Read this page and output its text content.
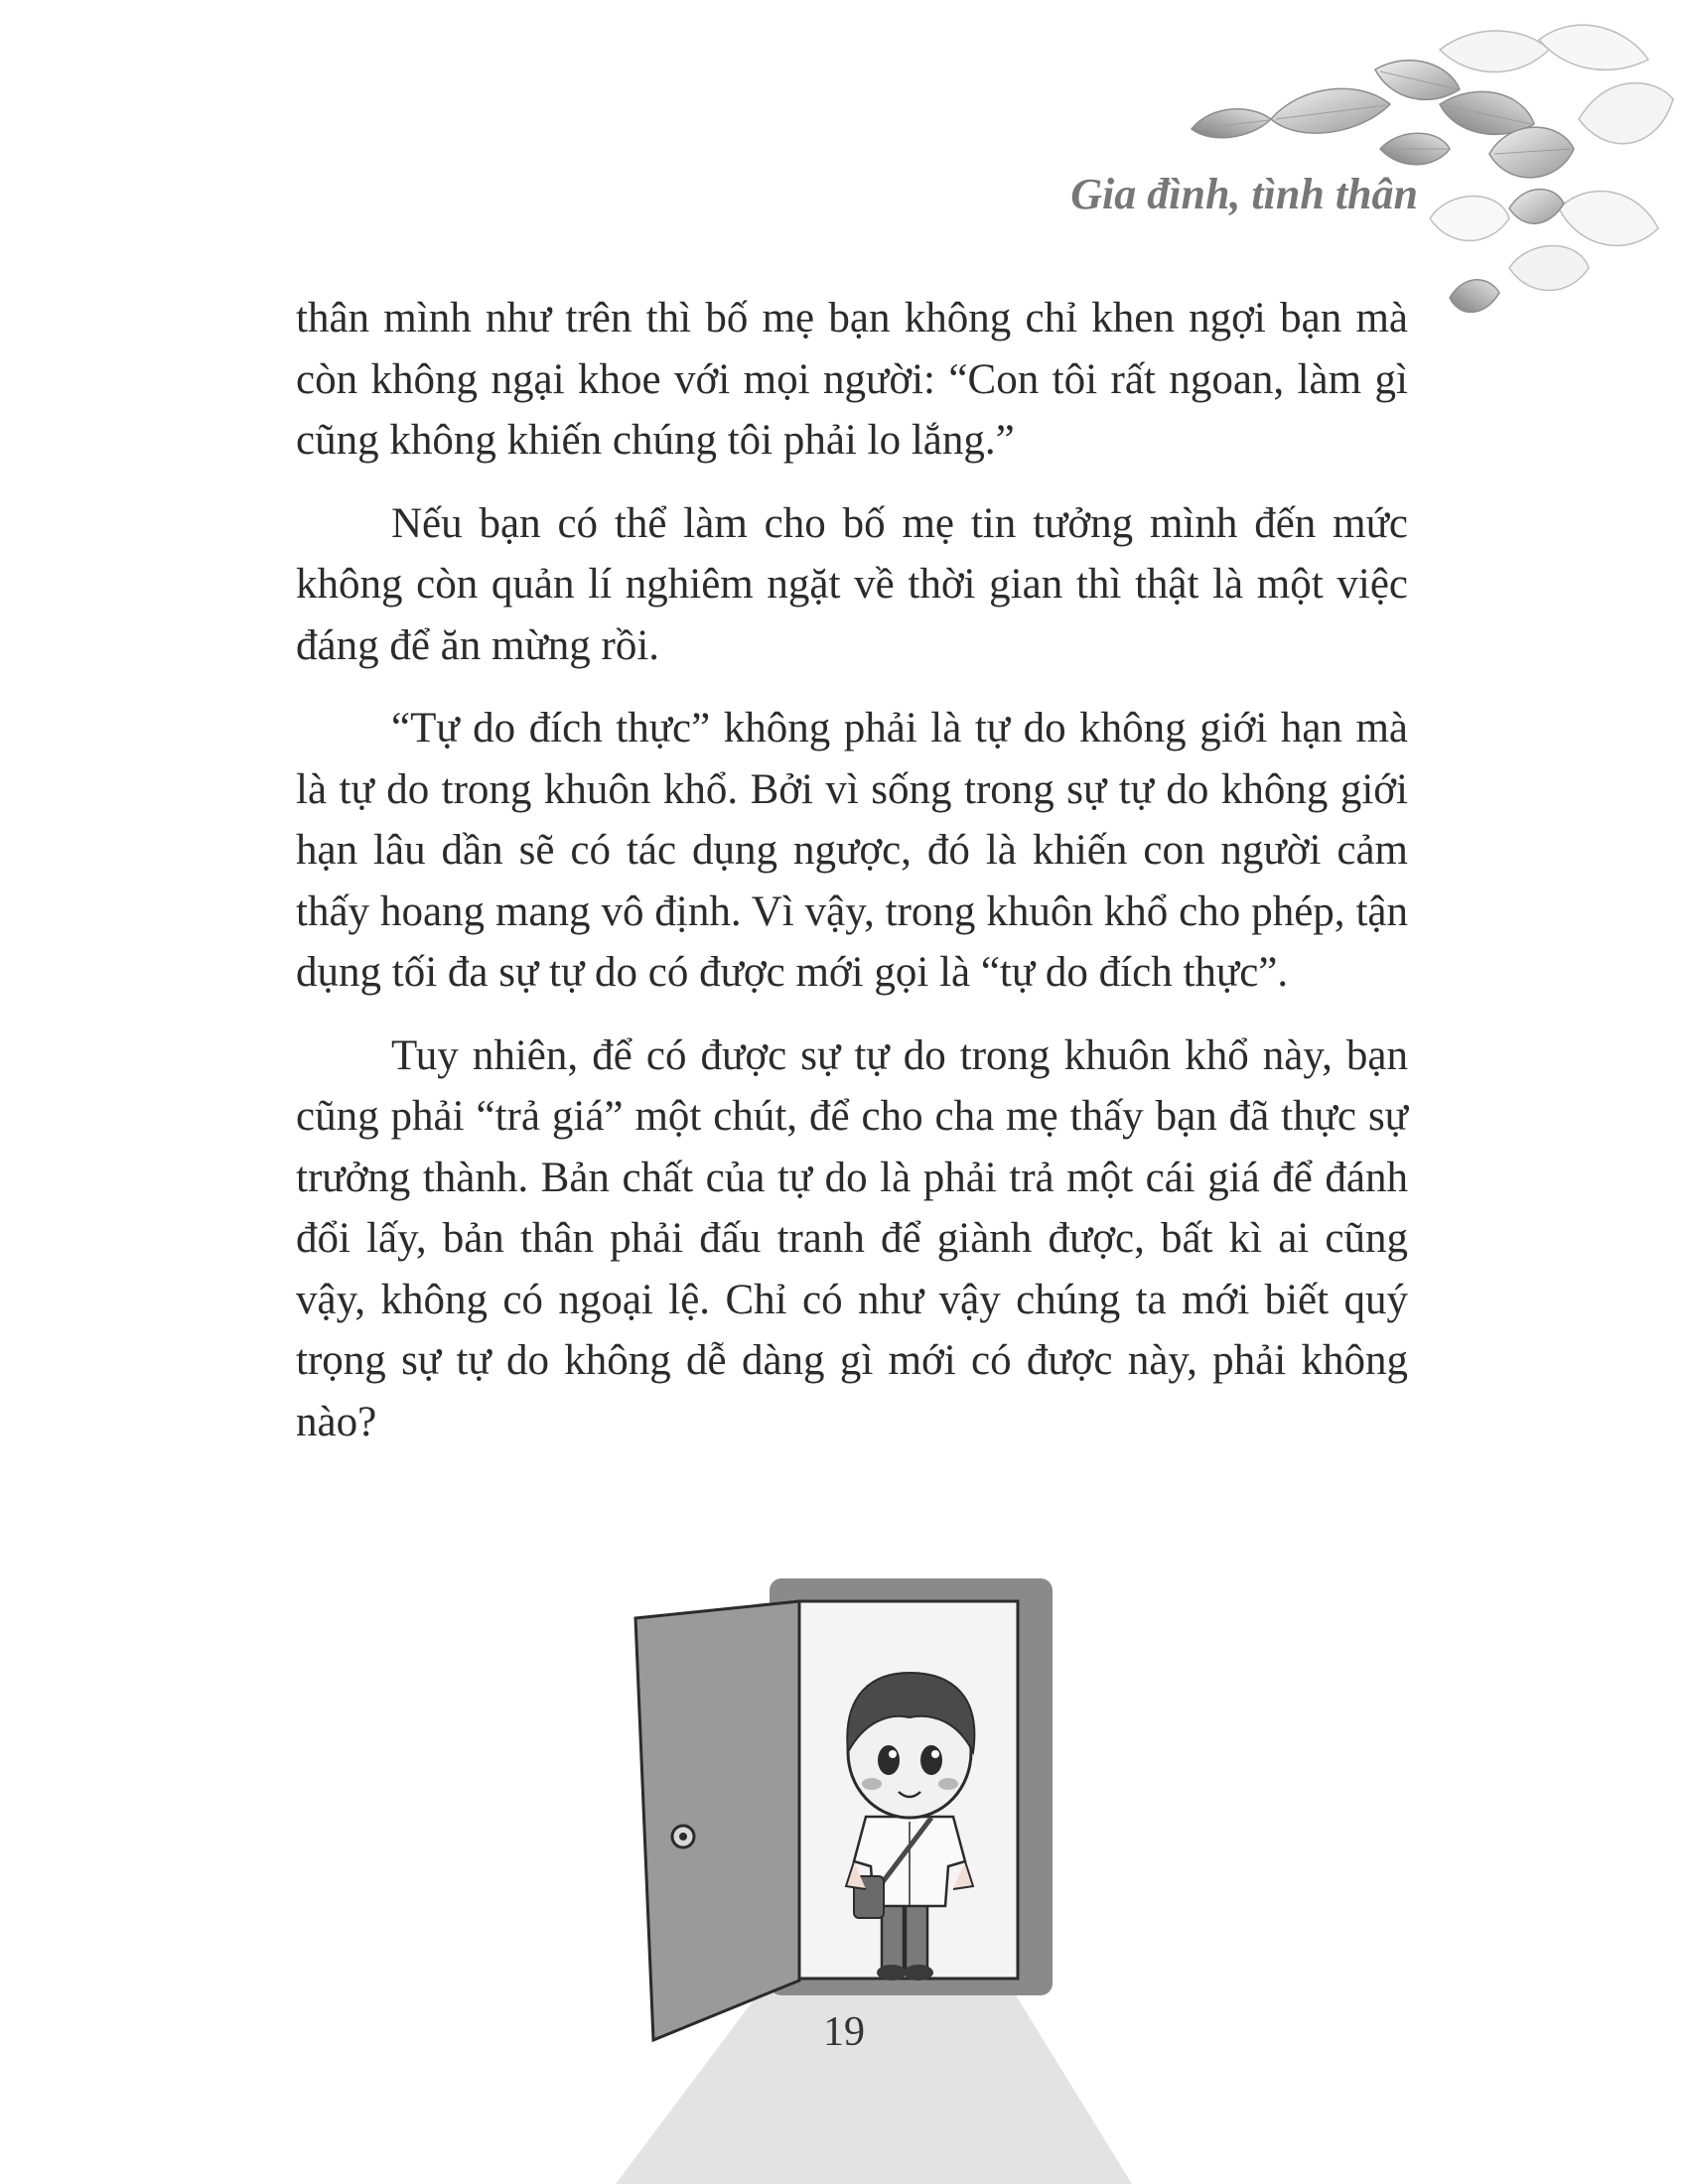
Gia đình, tình thân

thân mình như trên thì bố mẹ bạn không chỉ khen ngợi bạn mà còn không ngại khoe với mọi người: “Con tôi rất ngoan, làm gì cũng không khiến chúng tôi phải lo lắng.”

Nếu bạn có thể làm cho bố mẹ tin tưởng mình đến mức không còn quản lí nghiêm ngặt về thời gian thì thật là một việc đáng để ăn mừng rồi.

“Tự do đích thực” không phải là tự do không giới hạn mà là tự do trong khuôn khổ. Bởi vì sống trong sự tự do không giới hạn lâu dần sẽ có tác dụng ngược, đó là khiến con người cảm thấy hoang mang vô định. Vì vậy, trong khuôn khổ cho phép, tận dụng tối đa sự tự do có được mới gọi là “tự do đích thực”.

Tuy nhiên, để có được sự tự do trong khuôn khổ này, bạn cũng phải “trả giá” một chút, để cho cha mẹ thấy bạn đã thực sự trưởng thành. Bản chất của tự do là phải trả một cái giá để đánh đổi lấy, bản thân phải đấu tranh để giành được, bất kì ai cũng vậy, không có ngoại lệ. Chỉ có như vậy chúng ta mới biết quý trọng sự tự do không dễ dàng gì mới có được này, phải không nào?

19
